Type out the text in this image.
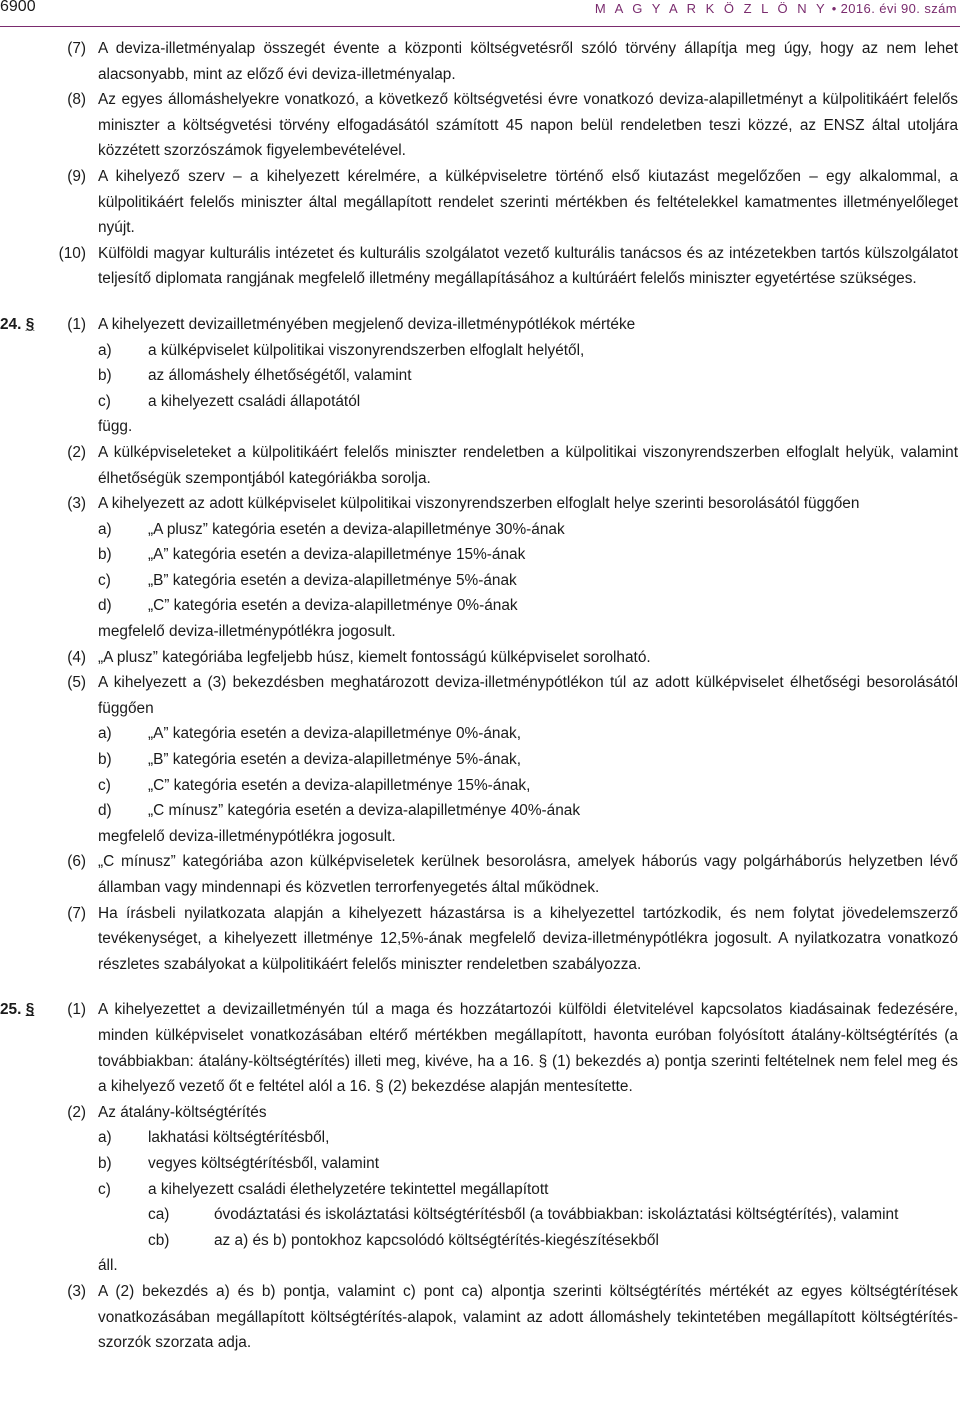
6900	M A G Y A R K Ö Z L Ö N Y • 2016. évi 90. szám
(7) A deviza-illetményalap összegét évente a központi költségvetésről szóló törvény állapítja meg úgy, hogy az nem lehet alacsonyabb, mint az előző évi deviza-illetményalap.
(8) Az egyes állomáshelyekre vonatkozó, a következő költségvetési évre vonatkozó deviza-alapilletményt a külpolitikáért felelős miniszter a költségvetési törvény elfogadásától számított 45 napon belül rendeletben teszi közzé, az ENSZ által utoljára közzétett szorzószámok figyelembevételével.
(9) A kihelyező szerv – a kihelyezett kérelmére, a külképviseletre történő első kiutazást megelőzően – egy alkalommal, a külpolitikáért felelős miniszter által megállapított rendelet szerinti mértékben és feltételekkel kamatmentes illetményelőleget nyújt.
(10) Külföldi magyar kulturális intézetet és kulturális szolgálatot vezető kulturális tanácsos és az intézetekben tartós külszolgálatot teljesítő diplomata rangjának megfelelő illetmény megállapításához a kultúráért felelős miniszter egyetértése szükséges.
24. §	(1) A kihelyezett devizailletményében megjelenő deviza-illetménypótlékok mértéke
a) a külképviselet külpolitikai viszonyrendszerben elfoglalt helyétől,
b) az állomáshely élhetőségétől, valamint
c) a kihelyezett családi állapotától
függ.
(2) A külképviseleteket a külpolitikáért felelős miniszter rendeletben a külpolitikai viszonyrendszerben elfoglalt helyük, valamint élhetőségük szempontjából kategóriákba sorolja.
(3) A kihelyezett az adott külképviselet külpolitikai viszonyrendszerben elfoglalt helye szerinti besorolásától függően
a) „A plusz” kategória esetén a deviza-alapilletménye 30%-ának
b) „A” kategória esetén a deviza-alapilletménye 15%-ának
c) „B” kategória esetén a deviza-alapilletménye 5%-ának
d) „C” kategória esetén a deviza-alapilletménye 0%-ának
megfelelő deviza-illetménypótlékra jogosult.
(4) „A plusz” kategóriába legfeljebb húsz, kiemelt fontosságú külképviselet sorolható.
(5) A kihelyezett a (3) bekezdésben meghatározott deviza-illetménypótlékon túl az adott külképviselet élhetőségi besorolásától függően
a) „A” kategória esetén a deviza-alapilletménye 0%-ának,
b) „B” kategória esetén a deviza-alapilletménye 5%-ának,
c) „C” kategória esetén a deviza-alapilletménye 15%-ának,
d) „C mínusz” kategória esetén a deviza-alapilletménye 40%-ának
megfelelő deviza-illetménypótlékra jogosult.
(6) „C mínusz” kategóriába azon külképviseletek kerülnek besorolásra, amelyek háborús vagy polgárháborús helyzetben lévő államban vagy mindennapi és közvetlen terrorfenyegetés által működnek.
(7) Ha írásbeli nyilatkozata alapján a kihelyezett házastársa is a kihelyezettel tartózkodik, és nem folytat jövedelemszerző tevékenységet, a kihelyezett illetménye 12,5%-ának megfelelő deviza-illetménypótlékra jogosult. A nyilatkozatra vonatkozó részletes szabályokat a külpolitikáért felelős miniszter rendeletben szabályozza.
25. §	(1) A kihelyezettet a devizailletményén túl a maga és hozzátartozói külföldi életvitelével kapcsolatos kiadásainak fedezésére, minden külképviselet vonatkozásában eltérő mértékben megállapított, havonta euróban folyósított átalány-költségtérítés (a továbbiakban: átalány-költségtérítés) illeti meg, kivéve, ha a 16. § (1) bekezdés a) pontja szerinti feltételnek nem felel meg és a kihelyező vezető őt e feltétel alól a 16. § (2) bekezdése alapján mentesítette.
(2) Az átalány-költségtérítés
a) lakhatási költségtérítésből,
b) vegyes költségtérítésből, valamint
c) a kihelyezett családi élethelyzetére tekintettel megállapított
ca)	óvodáztatási és iskoláztatási költségtérítésből (a továbbiakban: iskoláztatási költségtérítés), valamint
cb)	az a) és b) pontokhoz kapcsolódó költségtérítés-kiegészítésekből
áll.
(3) A (2) bekezdés a) és b) pontja, valamint c) pont ca) alpontja szerinti költségtérítés mértékét az egyes költségtérítések vonatkozásában megállapított költségtérítés-alapok, valamint az adott állomáshely tekintetében megállapított költségtérítés-szorzók szorzata adja.
